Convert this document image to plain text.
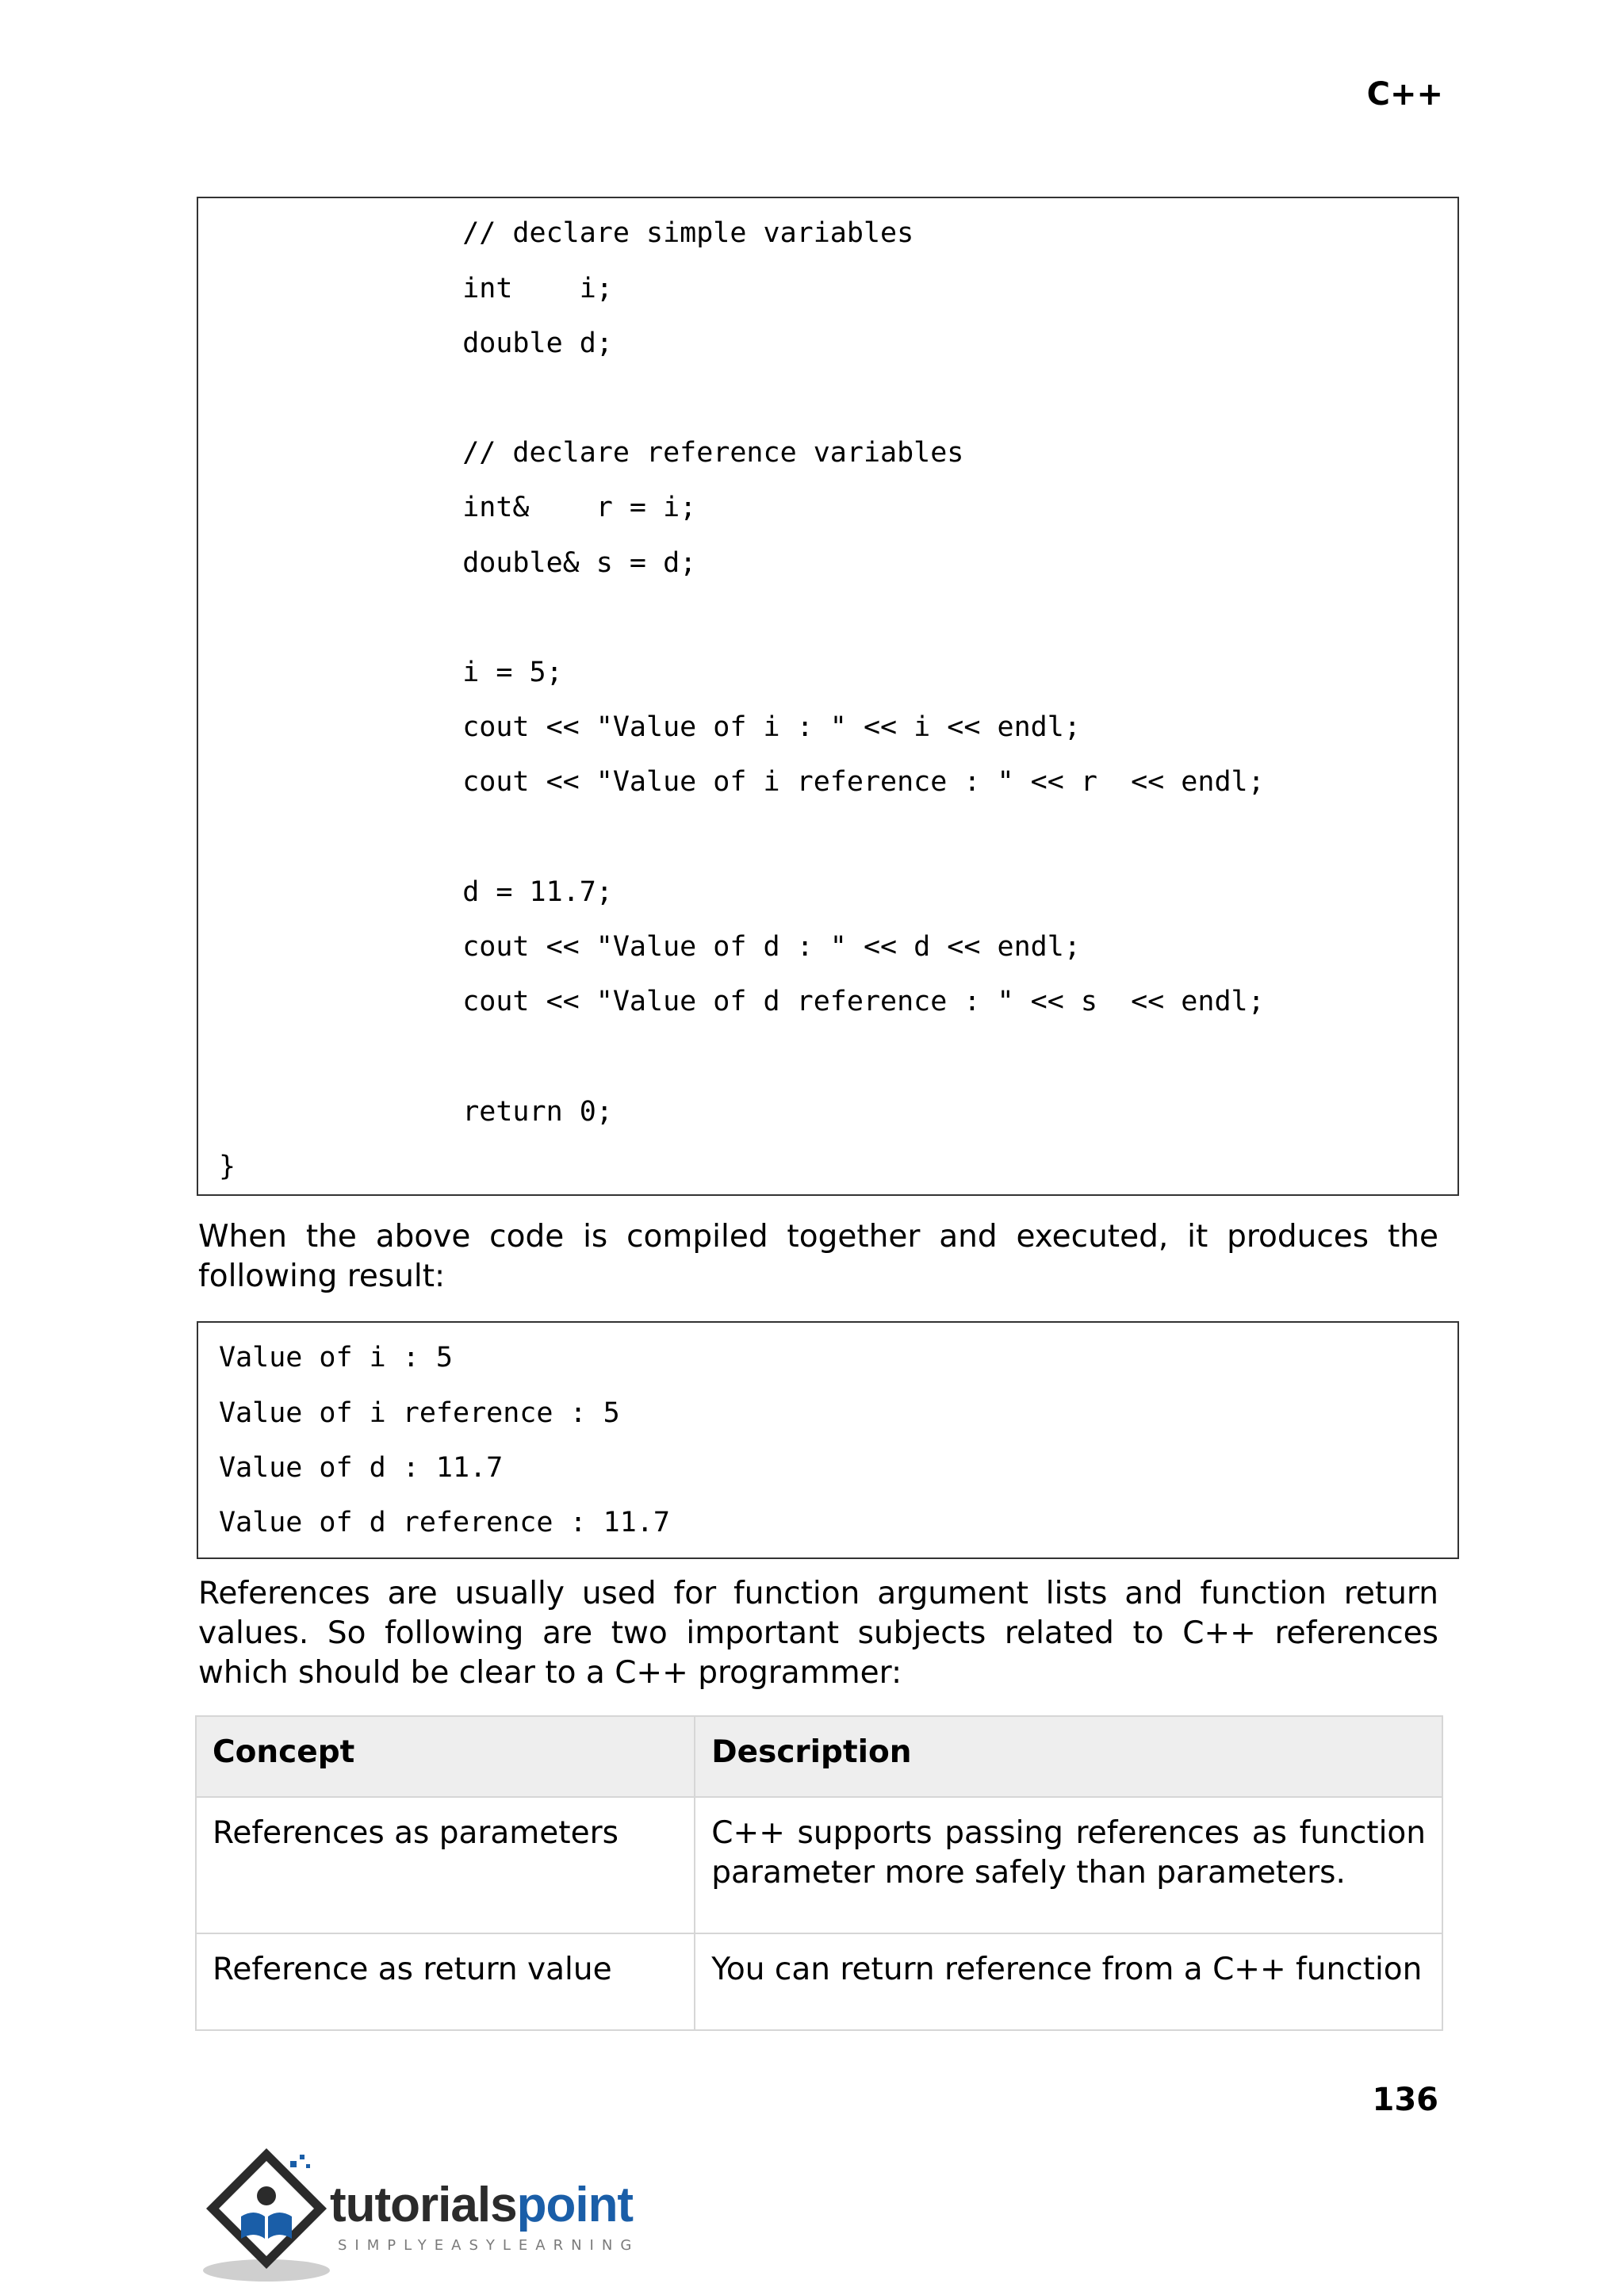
C++
// declare simple variables
int    i;
double d;
// declare reference variables
int&    r = i;
double& s = d;
i = 5;
cout << "Value of i : " << i << endl;
cout << "Value of i reference : " << r  << endl;
d = 11.7;
cout << "Value of d : " << d << endl;
cout << "Value of d reference : " << s  << endl;
return 0;
}

When the above code is compiled together and executed, it produces the following result:

Value of i : 5
Value of i reference : 5
Value of d : 11.7
Value of d reference : 11.7

References are usually used for function argument lists and function return values. So following are two important subjects related to C++ references which should be clear to a C++ programmer:

Concept	Description
References as parameters	C++ supports passing references as function parameter more safely than parameters.
Reference as return value	You can return reference from a C++ function
136
tutorialspoint
SIMPLYEASYLEARNING
